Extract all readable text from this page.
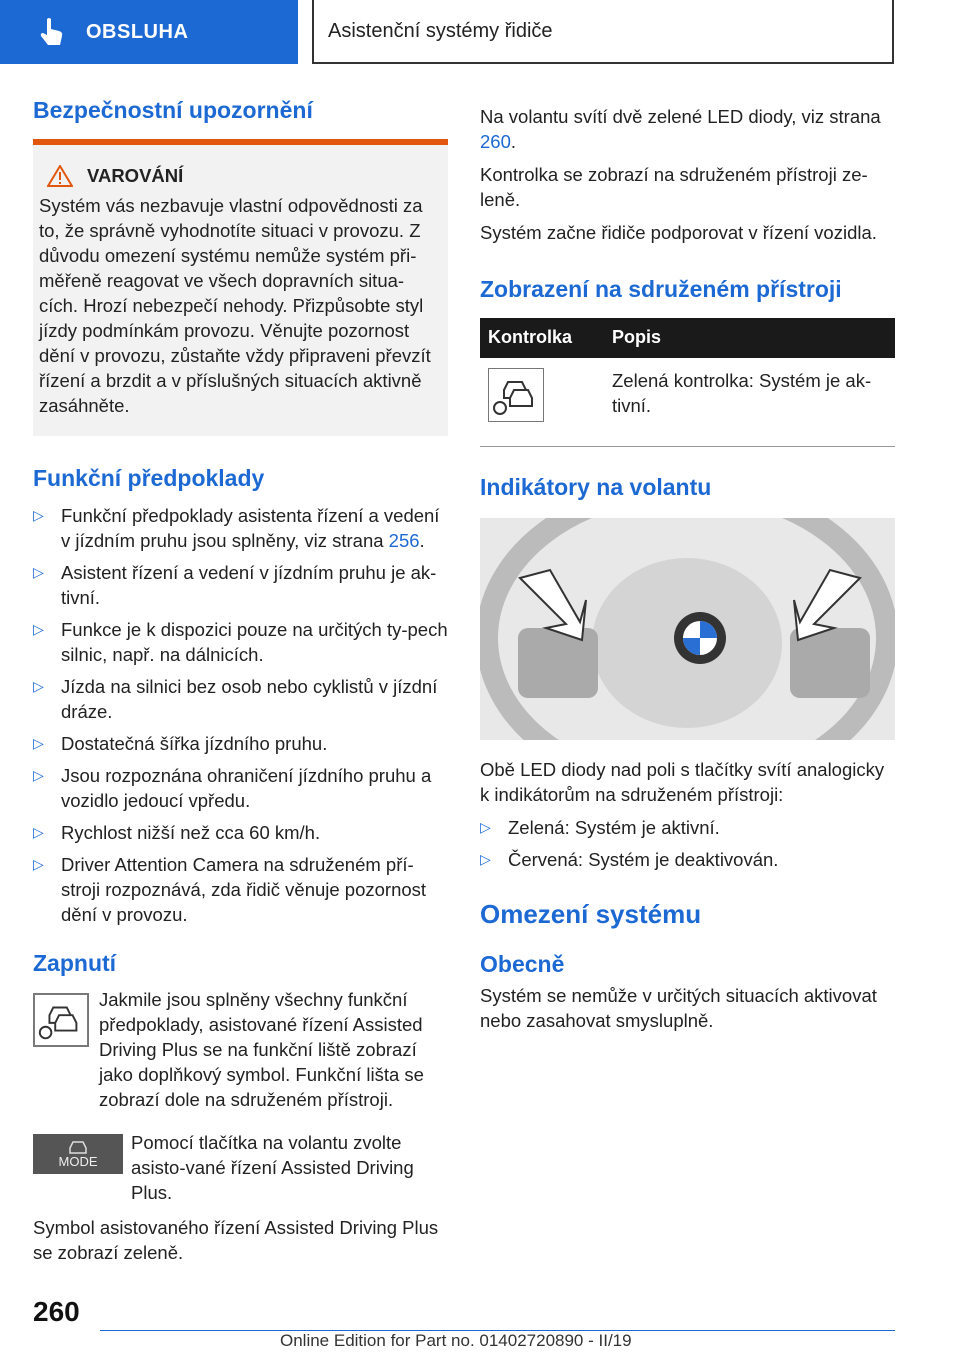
OBSLUHA	Asistenční systémy řidiče
Bezpečnostní upozornění
VAROVÁNÍ

Systém vás nezbavuje vlastní odpovědnosti za to, že správně vyhodnotíte situaci v provozu. Z důvodu omezení systému nemůže systém při-měřeně reagovat ve všech dopravních situa-cích. Hrozí nebezpečí nehody. Přizpůsobte styl jízdy podmínkám provozu. Věnujte pozornost dění v provozu, zůstaňte vždy připraveni převzít řízení a brzdit a v příslušných situacích aktivně zasáhněte.

Funkční předpoklady
▷ Funkční předpoklady asistenta řízení a vedení v jízdním pruhu jsou splněny, viz strana 256.
▷ Asistent řízení a vedení v jízdním pruhu je ak-tivní.
▷ Funkce je k dispozici pouze na určitých ty-pech silnic, např. na dálnicích.
▷ Jízda na silnici bez osob nebo cyklistů v jízdní dráze.
▷ Dostatečná šířka jízdního pruhu.
▷ Jsou rozpoznána ohraničení jízdního pruhu a vozidlo jedoucí vpředu.
▷ Rychlost nižší než cca 60 km/h.
▷ Driver Attention Camera na sdruženém pří-stroji rozpoznává, zda řidič věnuje pozornost dění v provozu.
Zapnutí

Jakmile jsou splněny všechny funkční předpoklady, asistované řízení Assisted Driving Plus se na funkční liště zobrazí jako doplňkový symbol. Funkční lišta se zobrazí dole na sdruženém přístroji.

MODE

Pomocí tlačítka na volantu zvolte asisto-vané řízení Assisted Driving Plus.

Symbol asistovaného řízení Assisted Driving Plus se zobrazí zeleně.

Na volantu svítí dvě zelené LED diody, viz strana 260.

Kontrolka se zobrazí na sdruženém přístroji ze-leně.

Systém začne řidiče podporovat v řízení vozidla.

Zobrazení na sdruženém přístroji
Kontrolka	Popis
	Zelená kontrolka: Systém je ak-tivní.
Indikátory na volantu

Obě LED diody nad poli s tlačítky svítí analogicky k indikátorům na sdruženém přístroji:

▷ Zelená: Systém je aktivní.
▷ Červená: Systém je deaktivován.
Omezení systému
Obecně

Systém se nemůže v určitých situacích aktivovat nebo zasahovat smysluplně.

260
Online Edition for Part no. 01402720890 - II/19
